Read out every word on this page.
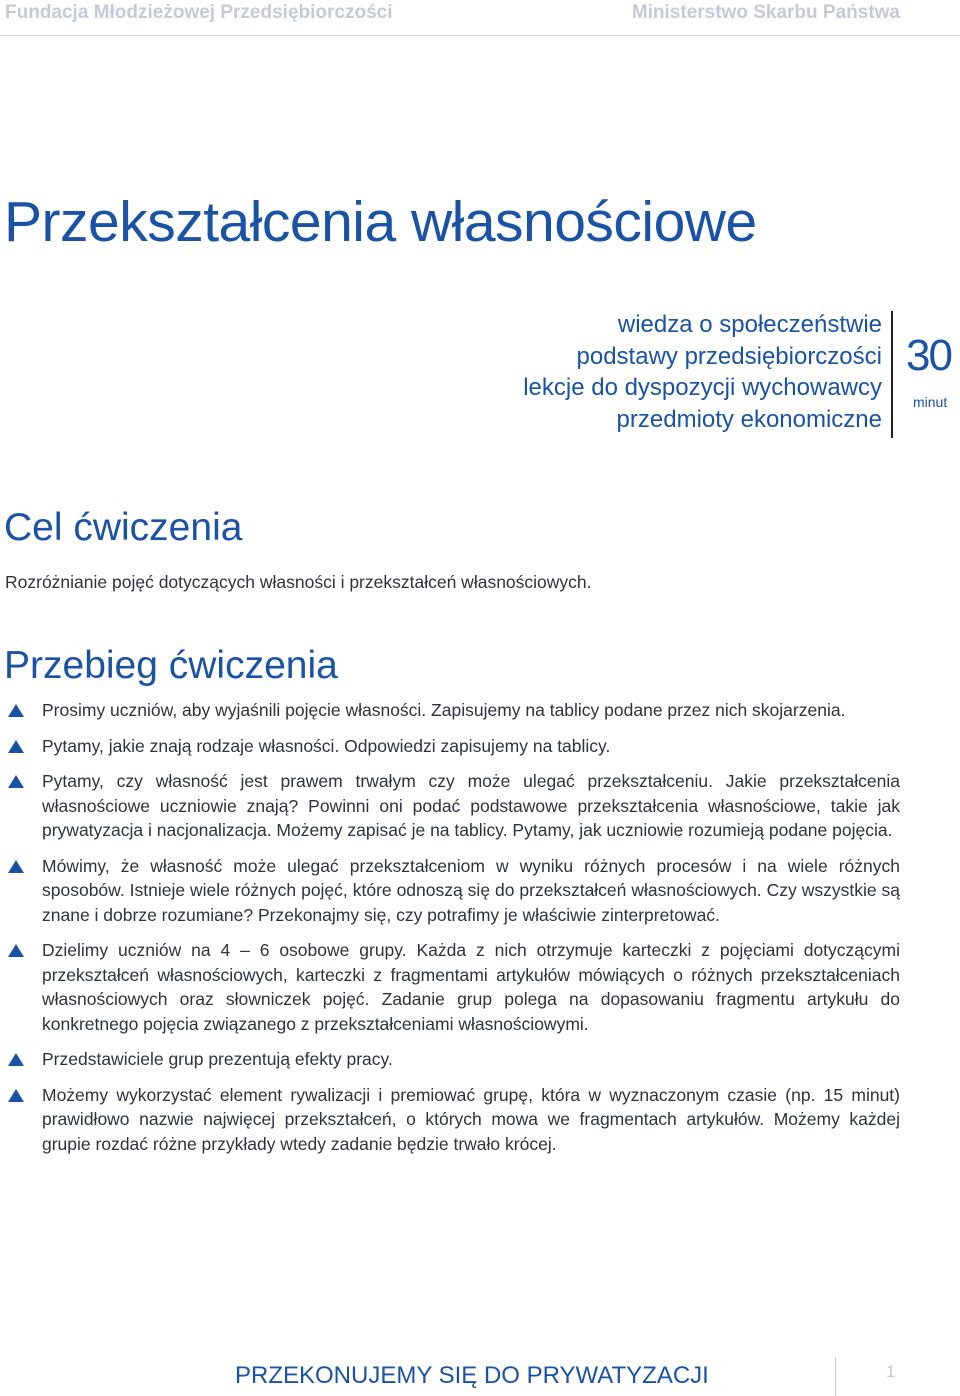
Fundacja Młodzieżowej Przedsiębiorczości	Ministerstwo Skarbu Państwa
Przekształcenia własnościowe
wiedza o społeczeństwie
podstawy przedsiębiorczości
lekcje do dyspozycji wychowawcy
przedmioty ekonomiczne
30
minut
Cel ćwiczenia

Rozróżnianie pojęć dotyczących własności i przekształceń własnościowych.

Przebieg ćwiczenia
Prosimy uczniów, aby wyjaśnili pojęcie własności. Zapisujemy na tablicy podane przez nich skojarzenia.
Pytamy, jakie znają rodzaje własności. Odpowiedzi zapisujemy na tablicy.
Pytamy, czy własność jest prawem trwałym czy może ulegać przekształceniu. Jakie przekształcenia własnościowe uczniowie znają? Powinni oni podać podstawowe przekształcenia własnościowe, takie jak prywatyzacja i nacjonalizacja. Możemy zapisać je na tablicy. Pytamy, jak uczniowie rozumieją podane pojęcia.
Mówimy, że własność może ulegać przekształceniom w wyniku różnych procesów i na wiele różnych sposobów. Istnieje wiele różnych pojęć, które odnoszą się do przekształceń własnościowych. Czy wszystkie są znane i dobrze rozumiane? Przekonajmy się, czy potrafimy je właściwie zinterpretować.
Dzielimy uczniów na 4 – 6 osobowe grupy. Każda z nich otrzymuje karteczki z pojęciami dotyczącymi przekształceń własnościowych, karteczki z fragmentami artykułów mówiących o różnych przekształceniach własnościowych oraz słowniczek pojęć. Zadanie grup polega na dopasowaniu fragmentu artykułu do konkretnego pojęcia związanego z przekształceniami własnościowymi.
Przedstawiciele grup prezentują efekty pracy.
Możemy wykorzystać element rywalizacji i premiować grupę, która w wyznaczonym czasie (np. 15 minut) prawidłowo nazwie najwięcej przekształceń, o których mowa we fragmentach artykułów. Możemy każdej grupie rozdać różne przykłady wtedy zadanie będzie trwało krócej.
PRZEKONUJEMY SIĘ DO PRYWATYZACJI	1
